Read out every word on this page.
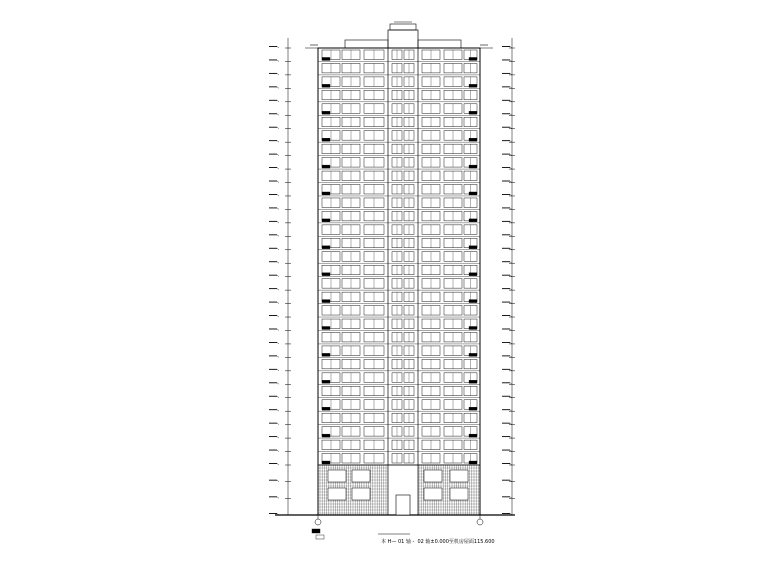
本 H— 01 轴 -  02 轴±0.000至机房屋面115.600
